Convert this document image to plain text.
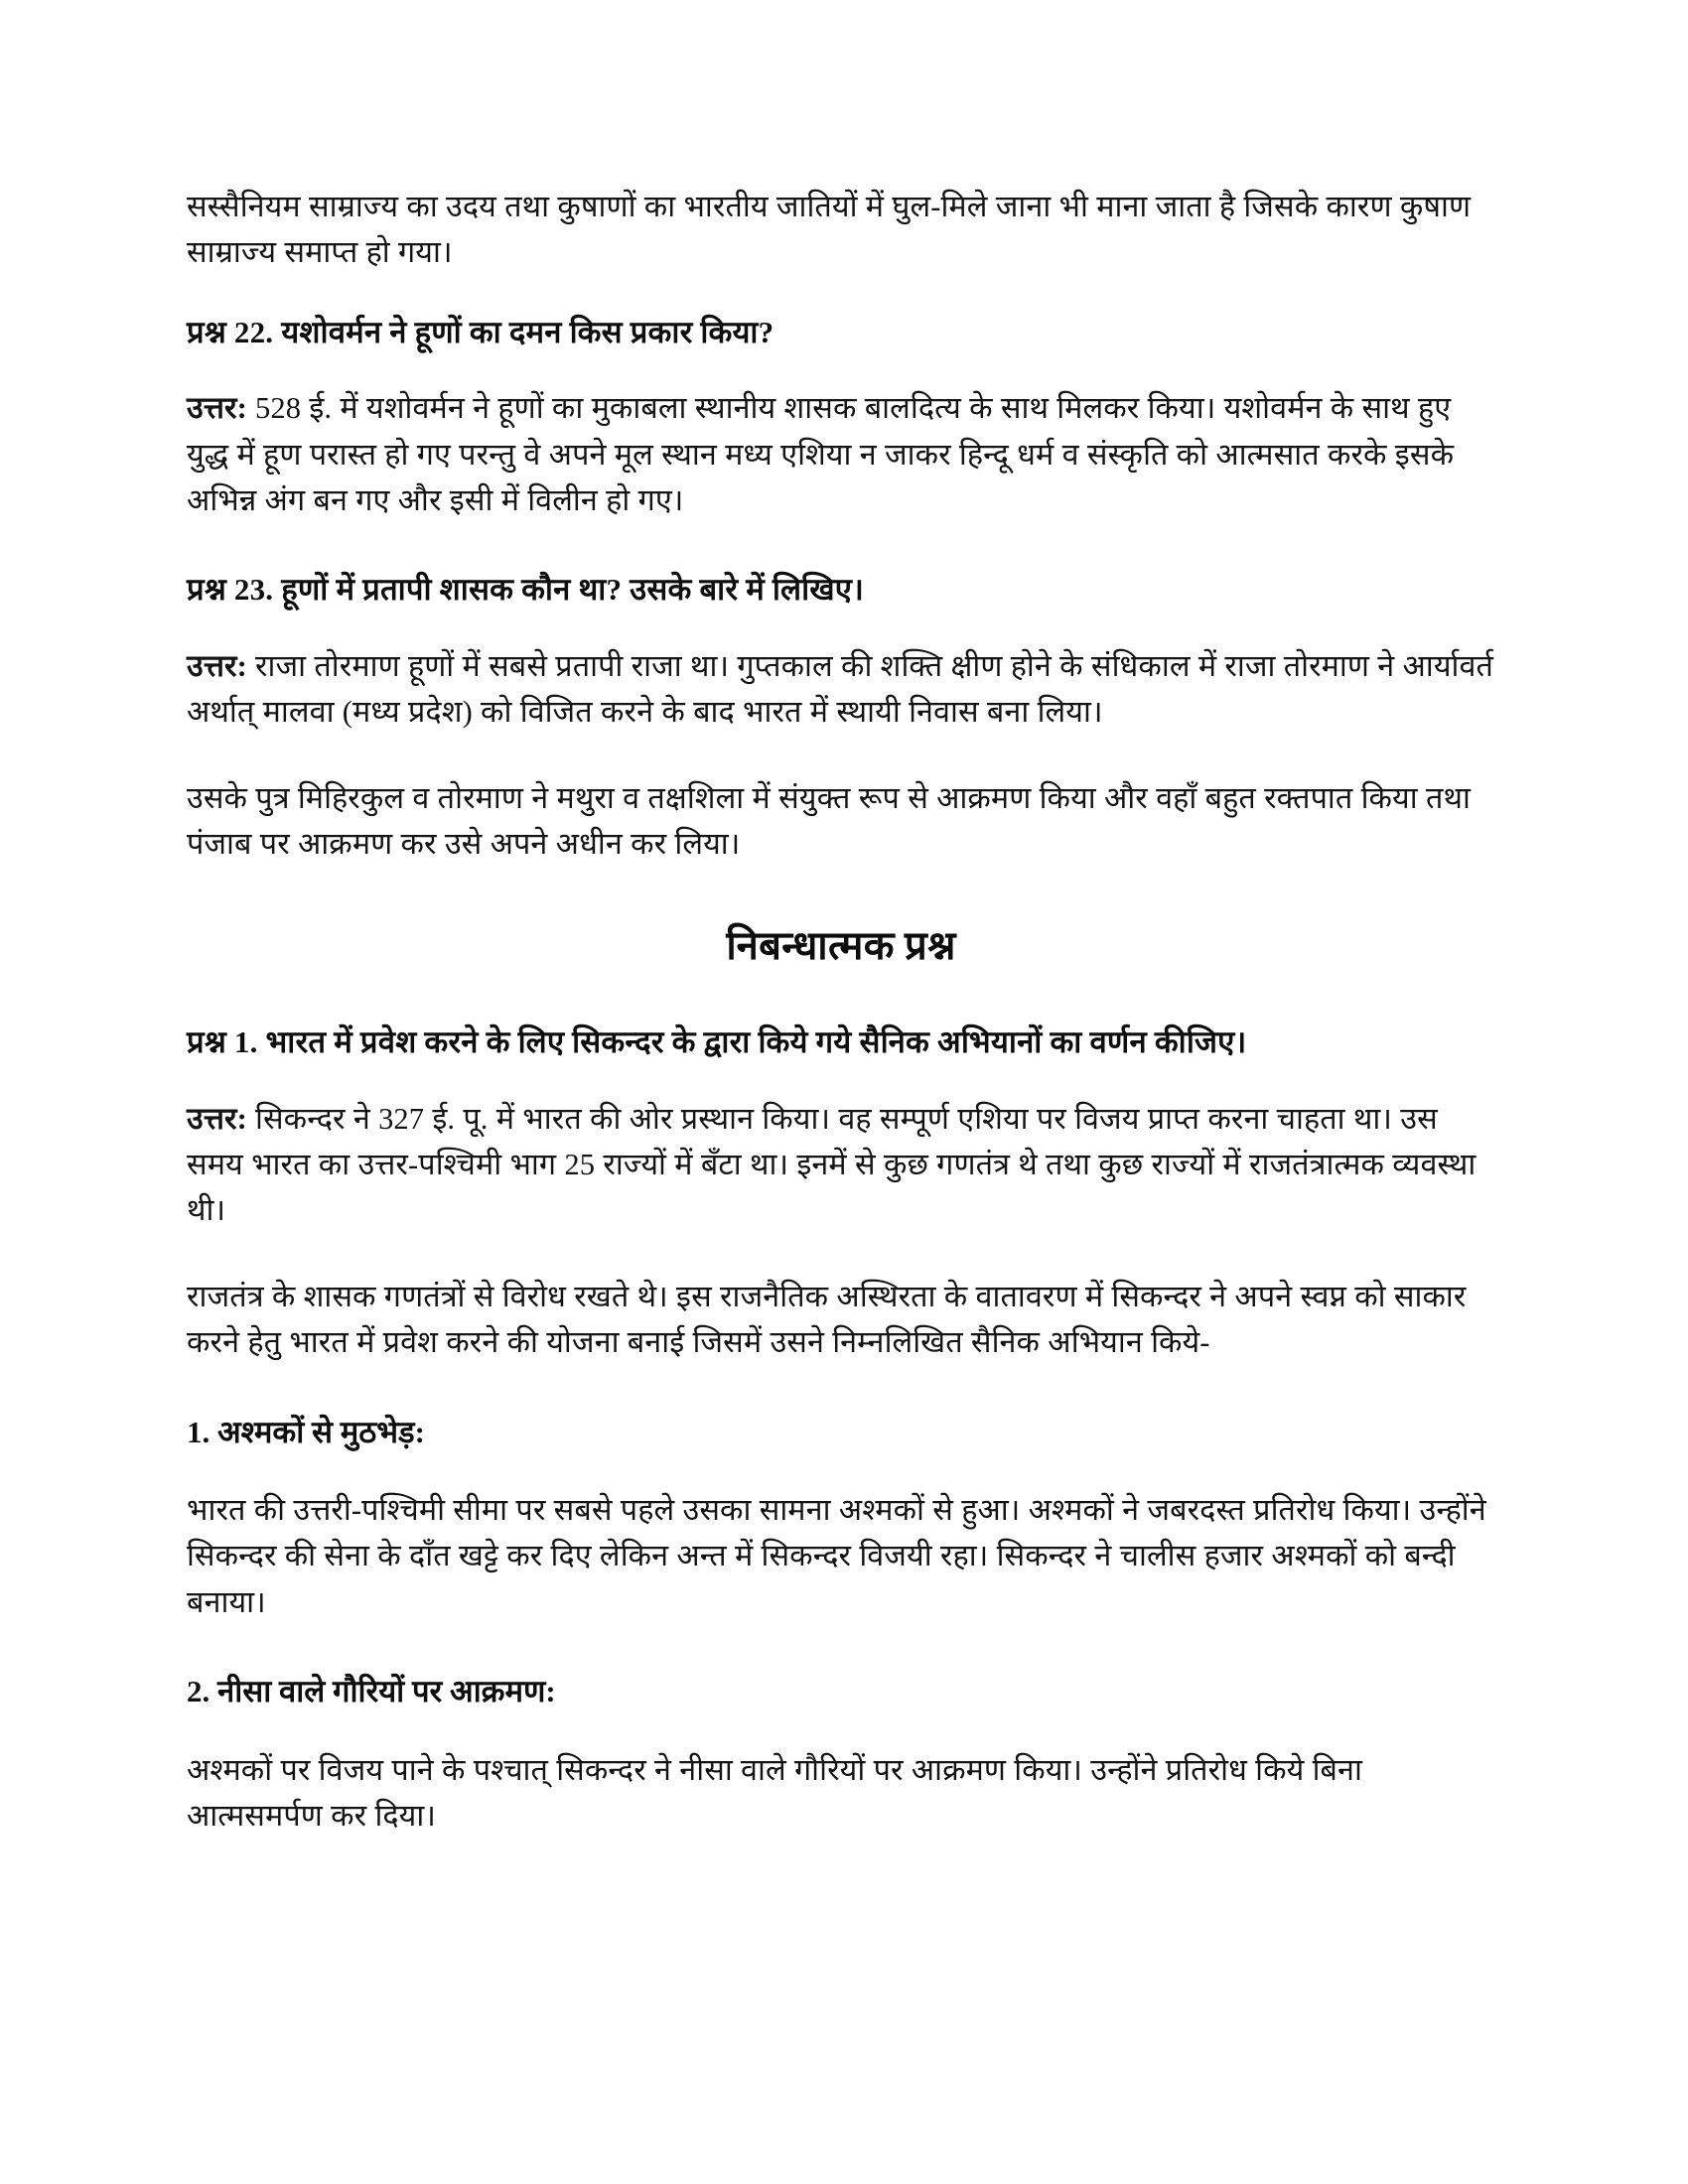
सस्सैनियम साम्राज्य का उदय तथा कुषाणों का भारतीय जातियों में घुल-मिले जाना भी माना जाता है जिसके कारण कुषाण साम्राज्य समाप्त हो गया।

प्रश्न 22. यशोवर्मन ने हूणों का दमन किस प्रकार किया?

उत्तर: 528 ई. में यशोवर्मन ने हूणों का मुकाबला स्थानीय शासक बालदित्य के साथ मिलकर किया। यशोवर्मन के साथ हुए युद्ध में हूण परास्त हो गए परन्तु वे अपने मूल स्थान मध्य एशिया न जाकर हिन्दू धर्म व संस्कृति को आत्मसात करके इसके अभिन्न अंग बन गए और इसी में विलीन हो गए।

प्रश्न 23. हूणों में प्रतापी शासक कौन था? उसके बारे में लिखिए।

उत्तर: राजा तोरमाण हूणों में सबसे प्रतापी राजा था। गुप्तकाल की शक्ति क्षीण होने के संधिकाल में राजा तोरमाण ने आर्यावर्त अर्थात् मालवा (मध्य प्रदेश) को विजित करने के बाद भारत में स्थायी निवास बना लिया।

उसके पुत्र मिहिरकुल व तोरमाण ने मथुरा व तक्षशिला में संयुक्त रूप से आक्रमण किया और वहाँ बहुत रक्तपात किया तथा पंजाब पर आक्रमण कर उसे अपने अधीन कर लिया।

निबन्धात्मक प्रश्न
प्रश्न 1. भारत में प्रवेश करने के लिए सिकन्दर के द्वारा किये गये सैनिक अभियानों का वर्णन कीजिए।

उत्तर: सिकन्दर ने 327 ई. पू. में भारत की ओर प्रस्थान किया। वह सम्पूर्ण एशिया पर विजय प्राप्त करना चाहता था। उस समय भारत का उत्तर-पश्चिमी भाग 25 राज्यों में बँटा था। इनमें से कुछ गणतंत्र थे तथा कुछ राज्यों में राजतंत्रात्मक व्यवस्था थी।

राजतंत्र के शासक गणतंत्रों से विरोध रखते थे। इस राजनैतिक अस्थिरता के वातावरण में सिकन्दर ने अपने स्वप्न को साकार करने हेतु भारत में प्रवेश करने की योजना बनाई जिसमें उसने निम्नलिखित सैनिक अभियान किये-

1. अश्मकों से मुठभेड़:

भारत की उत्तरी-पश्चिमी सीमा पर सबसे पहले उसका सामना अश्मकों से हुआ। अश्मकों ने जबरदस्त प्रतिरोध किया। उन्होंने सिकन्दर की सेना के दाँत खट्टे कर दिए लेकिन अन्त में सिकन्दर विजयी रहा। सिकन्दर ने चालीस हजार अश्मकों को बन्दी बनाया।

2. नीसा वाले गौरियों पर आक्रमण:

अश्मकों पर विजय पाने के पश्चात् सिकन्दर ने नीसा वाले गौरियों पर आक्रमण किया। उन्होंने प्रतिरोध किये बिना आत्मसमर्पण कर दिया।
